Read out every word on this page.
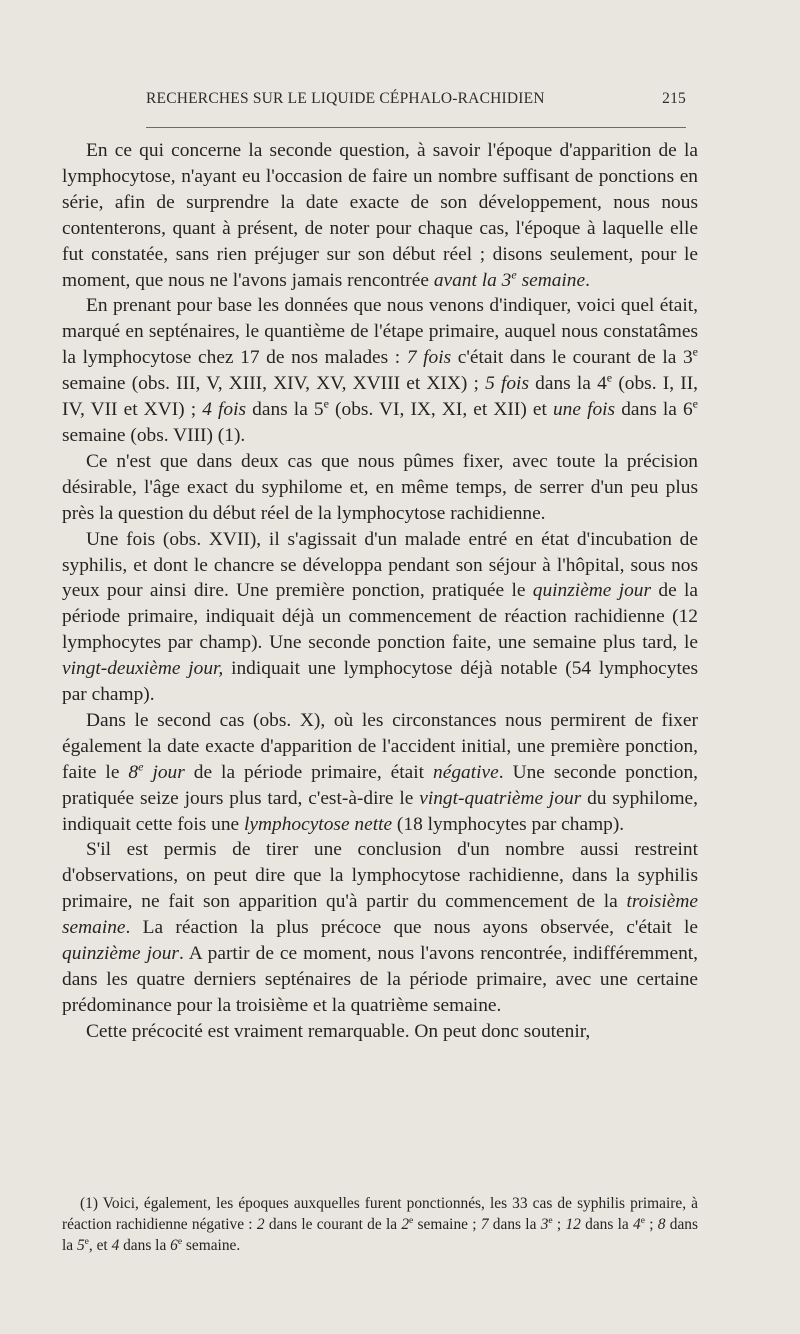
RECHERCHES SUR LE LIQUIDE CÉPHALO-RACHIDIEN	215

En ce qui concerne la seconde question, à savoir l'époque d'apparition de la lymphocytose, n'ayant eu l'occasion de faire un nombre suffisant de ponctions en série, afin de surprendre la date exacte de son développement, nous nous contenterons, quant à présent, de noter pour chaque cas, l'époque à laquelle elle fut constatée, sans rien préjuger sur son début réel ; disons seulement, pour le moment, que nous ne l'avons jamais rencontrée avant la 3e semaine.

En prenant pour base les données que nous venons d'indiquer, voici quel était, marqué en septénaires, le quantième de l'étape primaire, auquel nous constatâmes la lymphocytose chez 17 de nos malades : 7 fois c'était dans le courant de la 3e semaine (obs. III, V, XIII, XIV, XV, XVIII et XIX) ; 5 fois dans la 4e (obs. I, II, IV, VII et XVI) ; 4 fois dans la 5e (obs. VI, IX, XI, et XII) et une fois dans la 6e semaine (obs. VIII) (1).

Ce n'est que dans deux cas que nous pûmes fixer, avec toute la précision désirable, l'âge exact du syphilome et, en même temps, de serrer d'un peu plus près la question du début réel de la lymphocytose rachidienne.

Une fois (obs. XVII), il s'agissait d'un malade entré en état d'incubation de syphilis, et dont le chancre se développa pendant son séjour à l'hôpital, sous nos yeux pour ainsi dire. Une première ponction, pratiquée le quinzième jour de la période primaire, indiquait déjà un commencement de réaction rachidienne (12 lymphocytes par champ). Une seconde ponction faite, une semaine plus tard, le vingt-deuxième jour, indiquait une lymphocytose déjà notable (54 lymphocytes par champ).

Dans le second cas (obs. X), où les circonstances nous permirent de fixer également la date exacte d'apparition de l'accident initial, une première ponction, faite le 8e jour de la période primaire, était négative. Une seconde ponction, pratiquée seize jours plus tard, c'est-à-dire le vingt-quatrième jour du syphilome, indiquait cette fois une lymphocytose nette (18 lymphocytes par champ).

S'il est permis de tirer une conclusion d'un nombre aussi restreint d'observations, on peut dire que la lymphocytose rachidienne, dans la syphilis primaire, ne fait son apparition qu'à partir du commencement de la troisième semaine. La réaction la plus précoce que nous ayons observée, c'était le quinzième jour. A partir de ce moment, nous l'avons rencontrée, indifféremment, dans les quatre derniers septénaires de la période primaire, avec une certaine prédominance pour la troisième et la quatrième semaine.

Cette précocité est vraiment remarquable. On peut donc soutenir,

(1) Voici, également, les époques auxquelles furent ponctionnés, les 33 cas de syphilis primaire, à réaction rachidienne négative : 2 dans le courant de la 2e semaine ; 7 dans la 3e ; 12 dans la 4e ; 8 dans la 5e, et 4 dans la 6e semaine.
